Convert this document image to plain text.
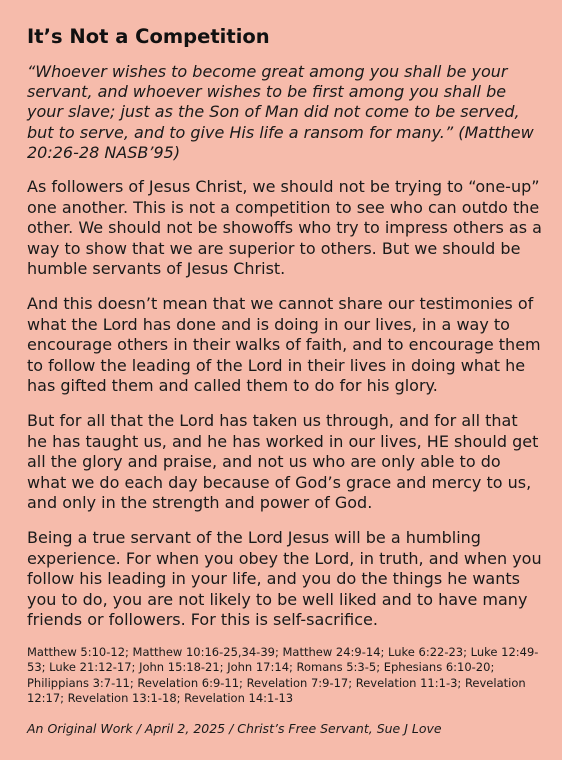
It’s Not a Competition

“Whoever wishes to become great among you shall be your servant, and whoever wishes to be first among you shall be your slave; just as the Son of Man did not come to be served, but to serve, and to give His life a ransom for many.” (Matthew 20:26-28 NASB’95)

As followers of Jesus Christ, we should not be trying to “one-up” one another. This is not a competition to see who can outdo the other. We should not be showoffs who try to impress others as a way to show that we are superior to others. But we should be humble servants of Jesus Christ.

And this doesn’t mean that we cannot share our testimonies of what the Lord has done and is doing in our lives, in a way to encourage others in their walks of faith, and to encourage them to follow the leading of the Lord in their lives in doing what he has gifted them and called them to do for his glory.

But for all that the Lord has taken us through, and for all that he has taught us, and he has worked in our lives, HE should get all the glory and praise, and not us who are only able to do what we do each day because of God’s grace and mercy to us, and only in the strength and power of God.

Being a true servant of the Lord Jesus will be a humbling experience. For when you obey the Lord, in truth, and when you follow his leading in your life, and you do the things he wants you to do, you are not likely to be well liked and to have many friends or followers. For this is self-sacrifice.

Matthew 5:10-12; Matthew 10:16-25,34-39; Matthew 24:9-14; Luke 6:22-23; Luke 12:49-53; Luke 21:12-17; John 15:18-21; John 17:14; Romans 5:3-5; Ephesians 6:10-20; Philippians 3:7-11; Revelation 6:9-11; Revelation 7:9-17; Revelation 11:1-3; Revelation 12:17; Revelation 13:1-18; Revelation 14:1-13

An Original Work / April 2, 2025 / Christ’s Free Servant, Sue J Love
